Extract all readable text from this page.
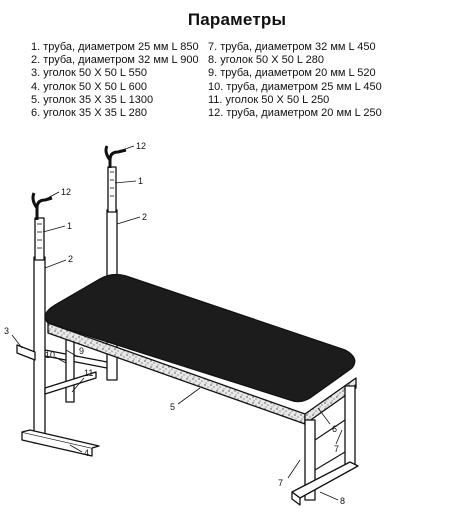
Параметры
1. труба, диаметром 25 мм L 850
2. труба, диаметром 32 мм L 900
3. уголок 50 Х 50 L 550
4. уголок 50 Х 50 L 600
5. уголок 35 Х 35 L 1300
6. уголок 35 Х 35 L 280
7. труба, диаметром 32 мм L 450
8. уголок 50 Х 50 L 280
9. труба, диаметром 20 мм L 520
10. труба, диаметром 25 мм L 450
11. уголок 50 Х 50 L 250
12. труба, диаметром 20 мм L 250
12
1
2
12
1
2
3
10	9
11
4
5
6
7
7
8
